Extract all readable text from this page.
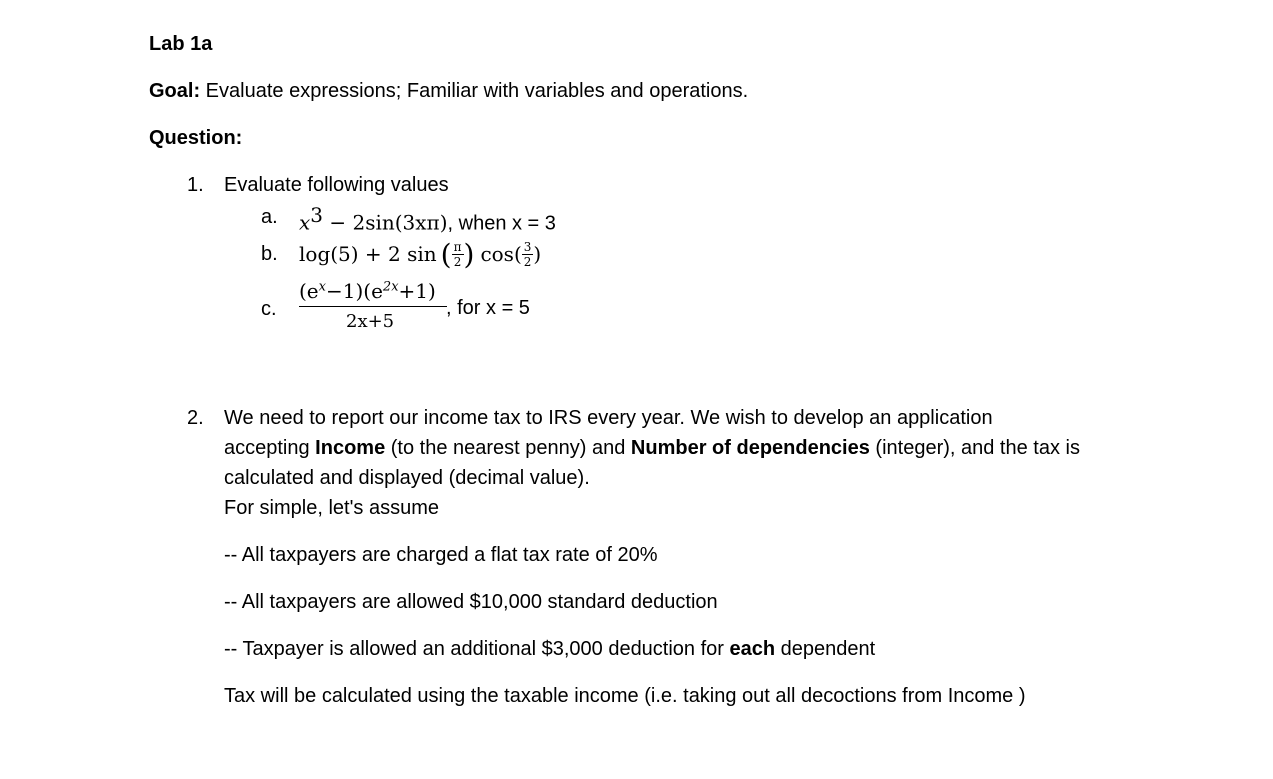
Lab 1a
Goal: Evaluate expressions; Familiar with variables and operations.
Question:
1. Evaluate following values
a. $x^3 - 2\sin(3x\pi)$, when x = 3
b. log(5) + 2 sin ( $\frac{\pi}{2}$ ) cos ( $\frac{3}{2}$ )
c.
$(e^x-1)(e^{2x}+1)$
2x+5
, for x = 5
2. We need to report our income tax to IRS every year. We wish to develop an application
accepting Income (to the nearest penny) and Number of dependencies (integer), and the tax is
calculated and displayed (decimal value).
For simple, let's assume
-- All taxpayers are charged a flat tax rate of 20%
-- All taxpayers are allowed $10,000 standard deduction
-- Taxpayer is allowed an additional $3,000 deduction for each dependent
Tax will be calculated using the taxable income (i.e. taking out all decoctions from Income )
